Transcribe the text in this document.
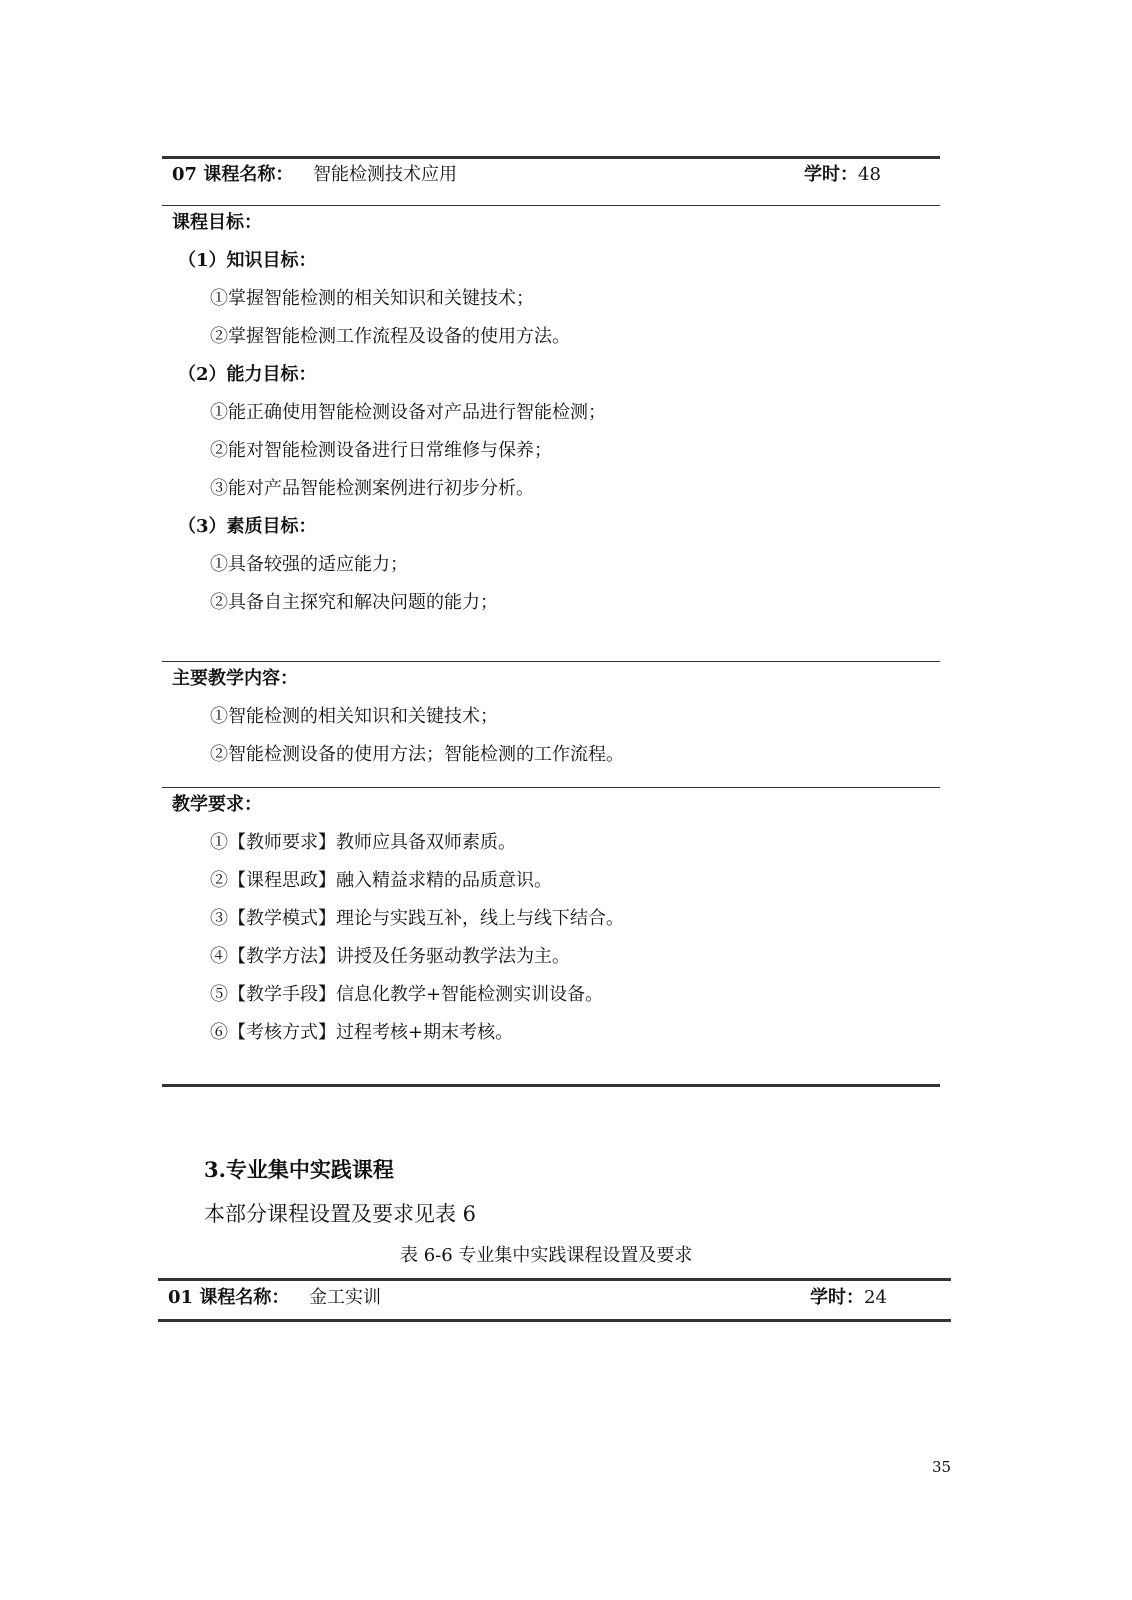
07 课程名称： 智能检测技术应用	学时：48
课程目标：
（1）知识目标：
①掌握智能检测的相关知识和关键技术；
②掌握智能检测工作流程及设备的使用方法。
（2）能力目标：
①能正确使用智能检测设备对产品进行智能检测；
②能对智能检测设备进行日常维修与保养；
③能对产品智能检测案例进行初步分析。
（3）素质目标：
①具备较强的适应能力；
②具备自主探究和解决问题的能力；
主要教学内容：
①智能检测的相关知识和关键技术；
②智能检测设备的使用方法；智能检测的工作流程。
教学要求：
①【教师要求】教师应具备双师素质。
②【课程思政】融入精益求精的品质意识。
③【教学模式】理论与实践互补，线上与线下结合。
④【教学方法】讲授及任务驱动教学法为主。
⑤【教学手段】信息化教学+智能检测实训设备。
⑥【考核方式】过程考核+期末考核。
3.专业集中实践课程
本部分课程设置及要求见表 6
表 6-6 专业集中实践课程设置及要求
01 课程名称： 金工实训	学时：24
35
